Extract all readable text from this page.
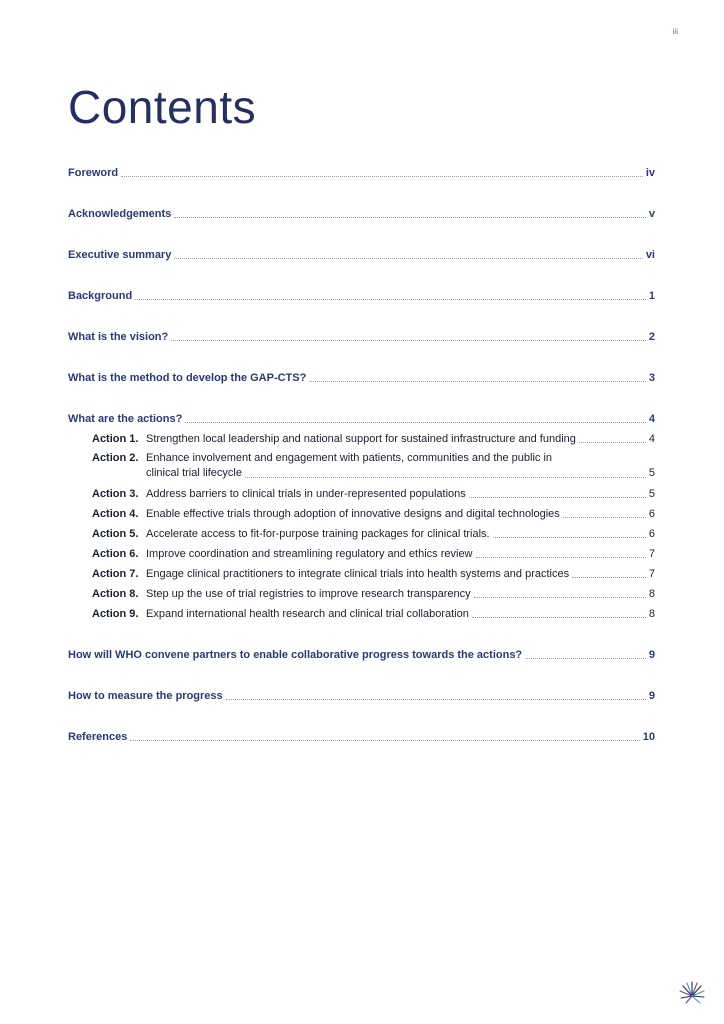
iii
Contents
Foreword	iv
Acknowledgements	v
Executive summary	vi
Background	1
What is the vision?	2
What is the method to develop the GAP-CTS?	3
What are the actions?	4
Action 1. Strengthen local leadership and national support for sustained infrastructure and funding	4
Action 2. Enhance involvement and engagement with patients, communities and the public in
clinical trial lifecycle	5
Action 3. Address barriers to clinical trials in under-represented populations	5
Action 4. Enable effective trials through adoption of innovative designs and digital technologies	6
Action 5. Accelerate access to fit-for-purpose training packages for clinical trials.	6
Action 6. Improve coordination and streamlining regulatory and ethics review	7
Action 7. Engage clinical practitioners to integrate clinical trials into health systems and practices	7
Action 8. Step up the use of trial registries to improve research transparency	8
Action 9. Expand international health research and clinical trial collaboration	8
How will WHO convene partners to enable collaborative progress towards the actions?	9
How to measure the progress	9
References	10
